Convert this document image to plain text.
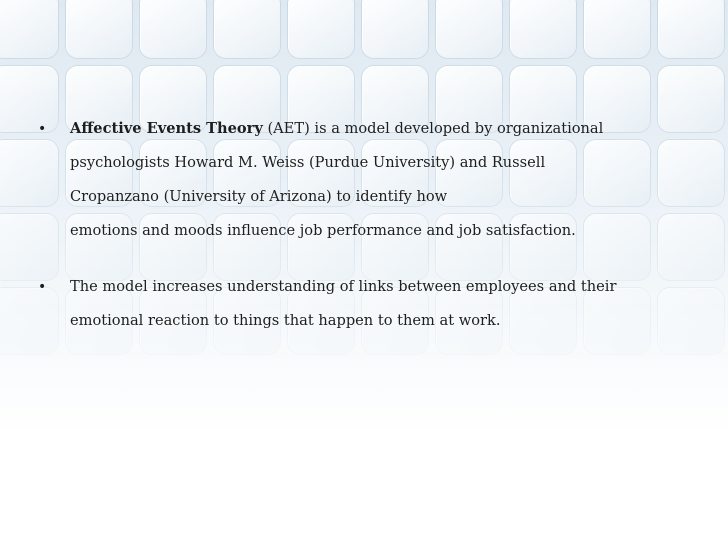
• Affective Events Theory (AET) is a model developed by organizational
psychologists Howard M. Weiss (Purdue University) and Russell
Cropanzano (University of Arizona) to identify how
emotions and moods influence job performance and job satisfaction.
• The model increases understanding of links between employees and their
emotional reaction to things that happen to them at work.
